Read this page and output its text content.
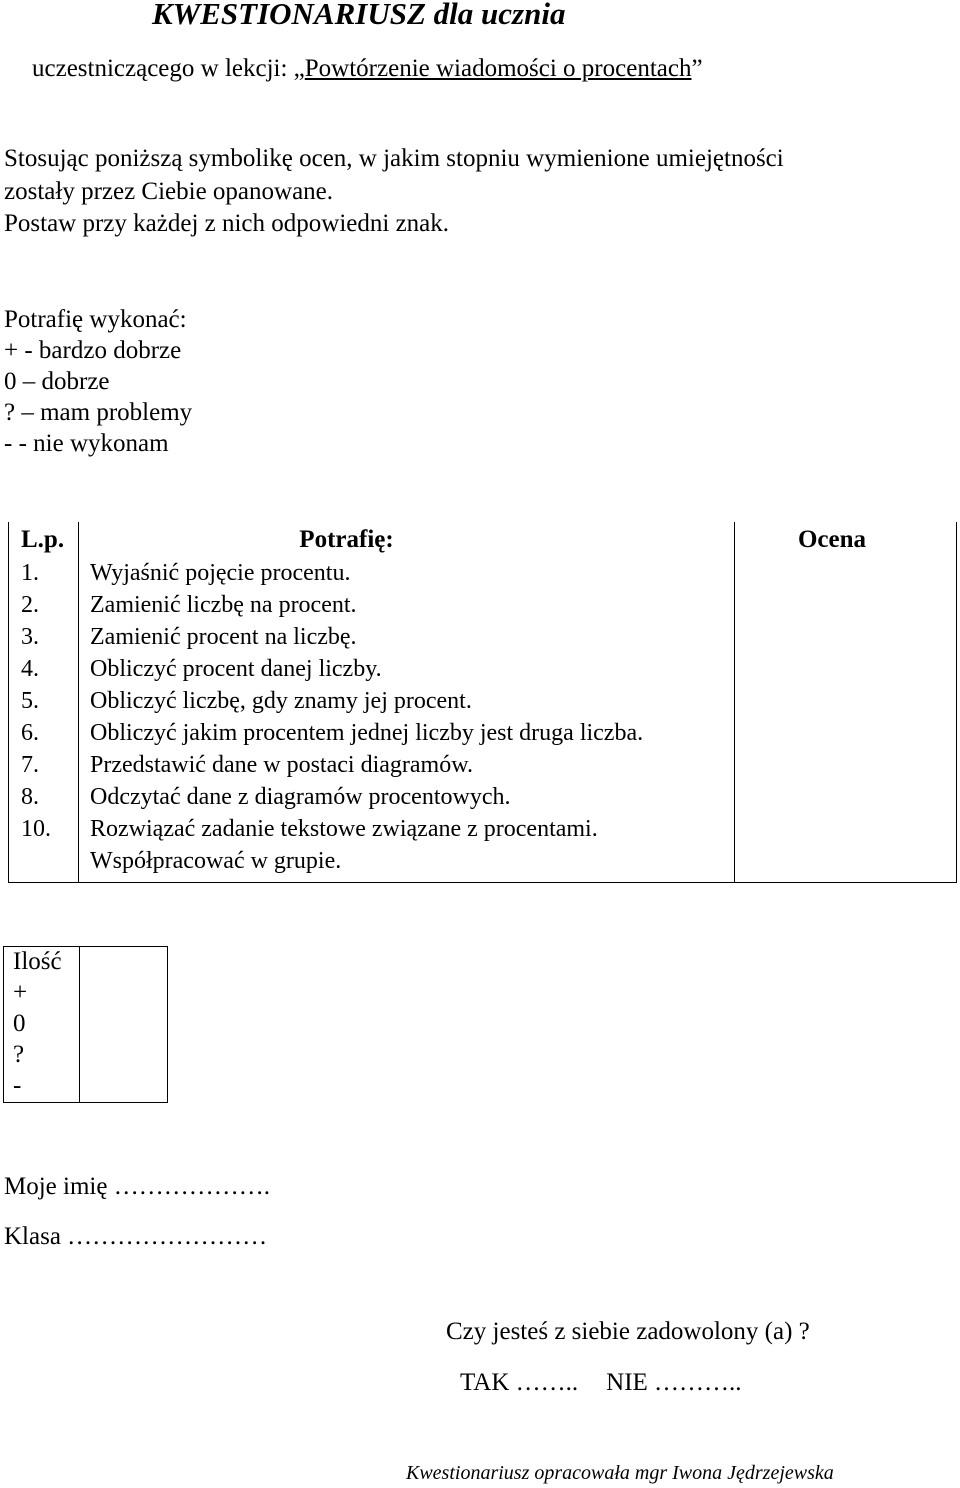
KWESTIONARIUSZ dla ucznia
uczestniczącego w lekcji: „Powtórzenie wiadomości o procentach”
Stosując poniższą symbolikę ocen, w jakim stopniu wymienione umiejętności
zostały przez Ciebie opanowane.
Postaw przy każdej z nich odpowiedni znak.
Potrafię wykonać:
+ - bardzo dobrze
0 – dobrze
? – mam problemy
- - nie wykonam
L.p.	Potrafię:	Ocena
1.	Wyjaśnić pojęcie procentu.	
2.	Zamienić liczbę na procent.	
3.	Zamienić procent na liczbę.	
4.	Obliczyć procent danej liczby.	
5.	Obliczyć liczbę, gdy znamy jej procent.	
6.	Obliczyć jakim procentem jednej liczby jest druga liczba.	
7.	Przedstawić dane w postaci diagramów.	
8.	Odczytać dane z diagramów procentowych.	
10.	Rozwiązać zadanie tekstowe związane z procentami.	
	Współpracować w grupie.	
Ilość	
+	
0	
?	
-	
Moje imię ……………….
Klasa ……………………
Czy jesteś z siebie zadowolony (a) ?
TAK …….. NIE ………..
Kwestionariusz opracowała mgr Iwona Jędrzejewska
